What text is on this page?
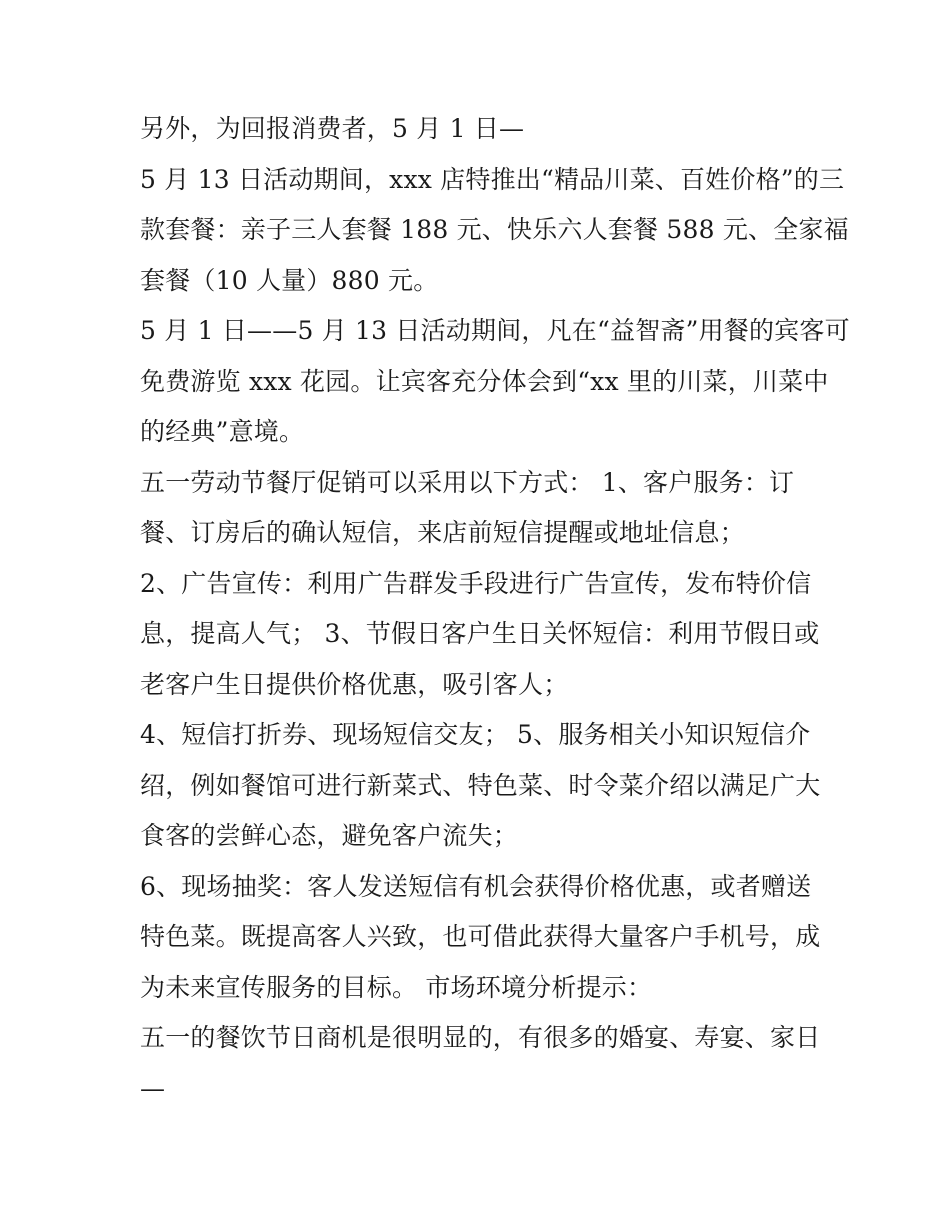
另外，为回报消费者，5 月 1 日—
5 月 13 日活动期间，xxx 店特推出“精品川菜、百姓价格”的三
款套餐：亲子三人套餐 188 元、快乐六人套餐 588 元、全家福
套餐（10 人量）880 元。
5 月 1 日——5 月 13 日活动期间，凡在“益智斋”用餐的宾客可
免费游览 xxx 花园。让宾客充分体会到“xx 里的川菜，川菜中
的经典”意境。
五一劳动节餐厅促销可以采用以下方式： 1、客户服务：订
餐、订房后的确认短信，来店前短信提醒或地址信息；
2、广告宣传：利用广告群发手段进行广告宣传，发布特价信
息，提高人气； 3、节假日客户生日关怀短信：利用节假日或
老客户生日提供价格优惠，吸引客人；
4、短信打折券、现场短信交友； 5、服务相关小知识短信介
绍，例如餐馆可进行新菜式、特色菜、时令菜介绍以满足广大
食客的尝鲜心态，避免客户流失；
6、现场抽奖：客人发送短信有机会获得价格优惠，或者赠送
特色菜。既提高客人兴致，也可借此获得大量客户手机号，成
为未来宣传服务的目标。 市场环境分析提示：
五一的餐饮节日商机是很明显的，有很多的婚宴、寿宴、家日
—
